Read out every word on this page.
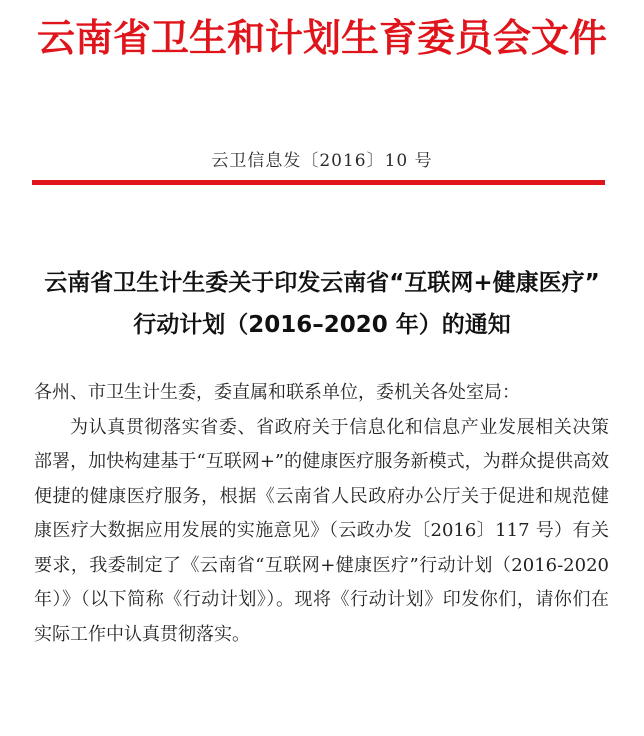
云南省卫生和计划生育委员会文件
云卫信息发〔2016〕10 号
云南省卫生计生委关于印发云南省“互联网+健康医疗”
行动计划（2016–2020 年）的通知

各州、市卫生计生委，委直属和联系单位，委机关各处室局：

为认真贯彻落实省委、省政府关于信息化和信息产业发展相关决策部署，加快构建基于“互联网+”的健康医疗服务新模式，为群众提供高效便捷的健康医疗服务，根据《云南省人民政府办公厅关于促进和规范健康医疗大数据应用发展的实施意见》（云政办发〔2016〕117 号）有关要求，我委制定了《云南省“互联网+健康医疗”行动计划（2016-2020 年）》（以下简称《行动计划》）。现将《行动计划》印发你们，请你们在实际工作中认真贯彻落实。
